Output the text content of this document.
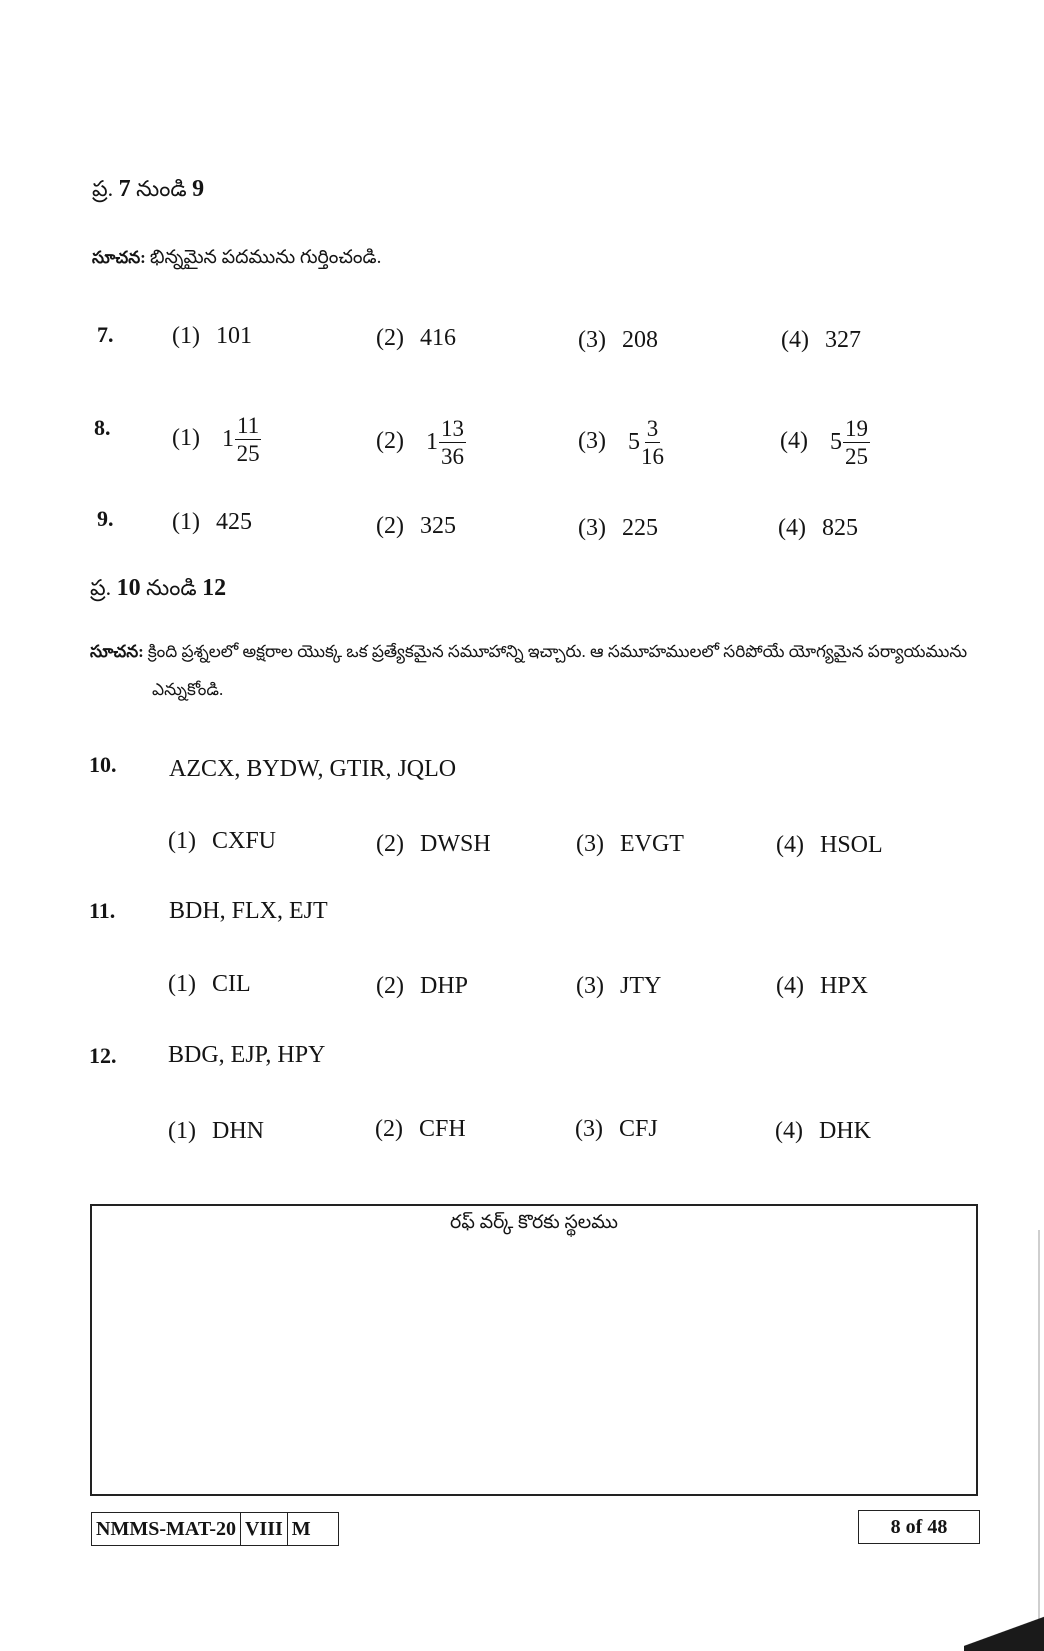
ప్ర. 7 నుండి 9
సూచన: భిన్నమైన పదమును గుర్తించండి.
7. (1) 101	(2) 416	(3) 208	(4) 327
8.	(1) $1 \frac{11}{25}$	(2) $1 \frac{13}{36}$	(3) $5 \frac{3}{16}$	(4) $5 \frac{19}{25}$
9. (1) 425	(2) 325	(3) 225	(4) 825
ప్ర. 10 నుండి 12
సూచన: క్రింది ప్రశ్నలలో అక్షరాల యొక్క ఒక ప్రత్యేకమైన సమూహాన్ని ఇచ్చారు. ఆ సమూహములలో సరిపోయే యోగ్యమైన పర్యాయమును
ఎన్నుకోండి.
10. AZCX, BYDW, GTIR, JQLO
(1) CXFU	(2) DWSH	(3) EVGT	(4) HSOL
11. BDH, FLX, EJT
(1) CIL	(2) DHP	(3) JTY	(4) HPX
12. BDG, EJP, HPY
(1) DHN	(2) CFH	(3) CFJ	(4) DHK
రఫ్ వర్క్ కొరకు స్థలము
NMMS-MAT-20 VIII M	8 of 48
